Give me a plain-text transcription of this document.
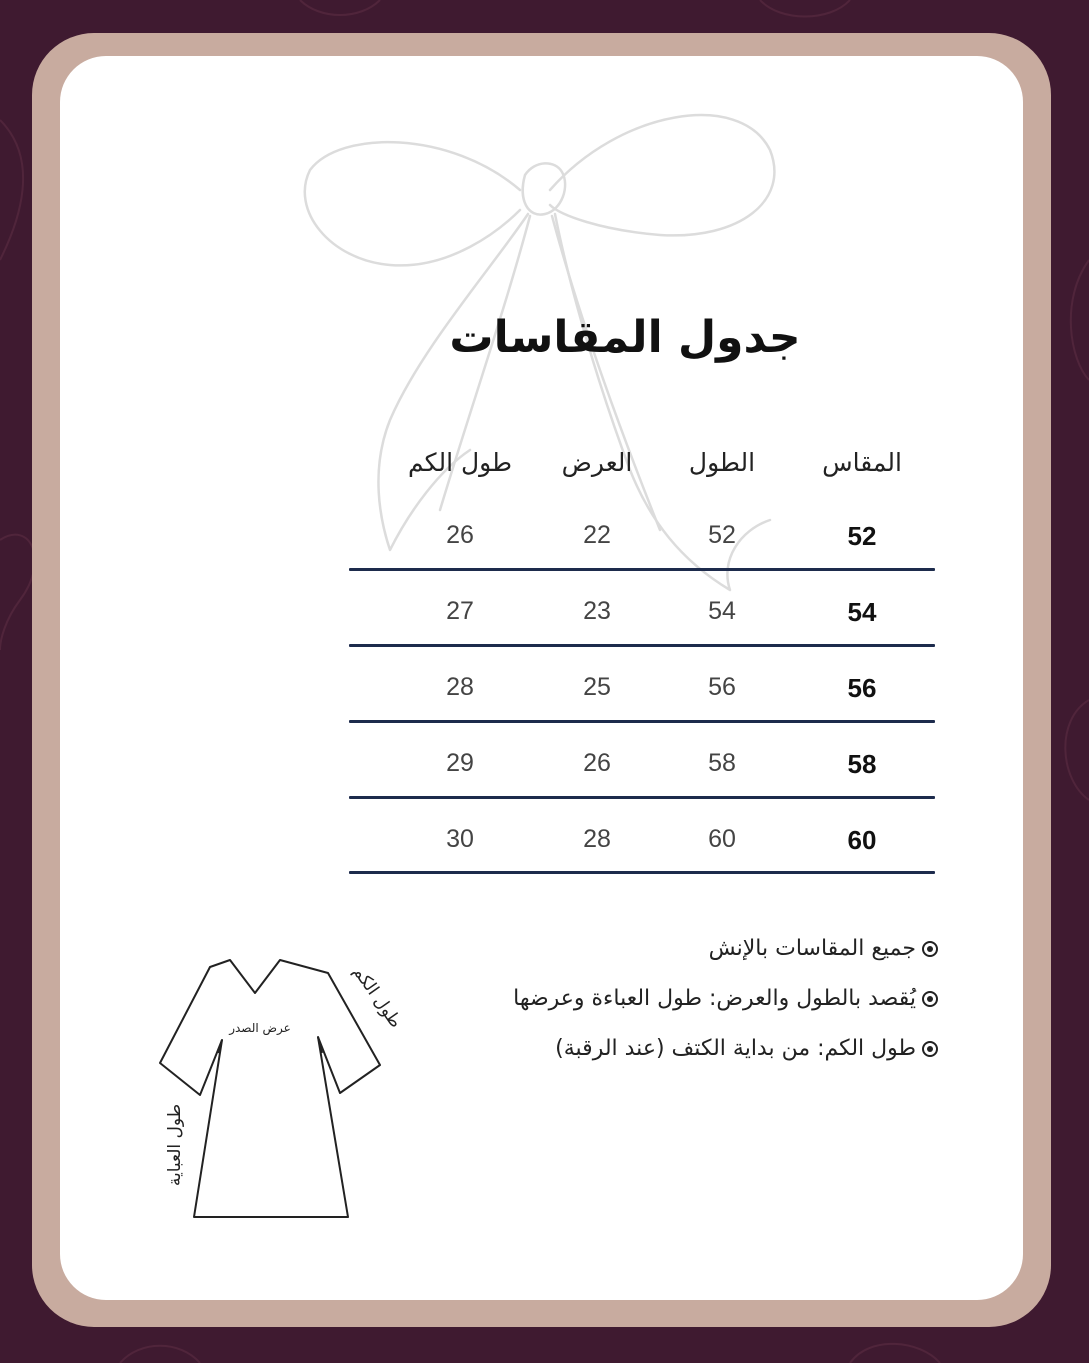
جدول المقاسات
المقاس
الطول
العرض
طول الكم
52
52
22
26
54
54
23
27
56
56
25
28
58
58
26
29
60
60
28
30
جميع المقاسات بالإنش
يُقصد بالطول والعرض: طول العباءة وعرضها
طول الكم: من بداية الكتف (عند الرقبة)
عرض الصدر	طول الكم
طول العباية
